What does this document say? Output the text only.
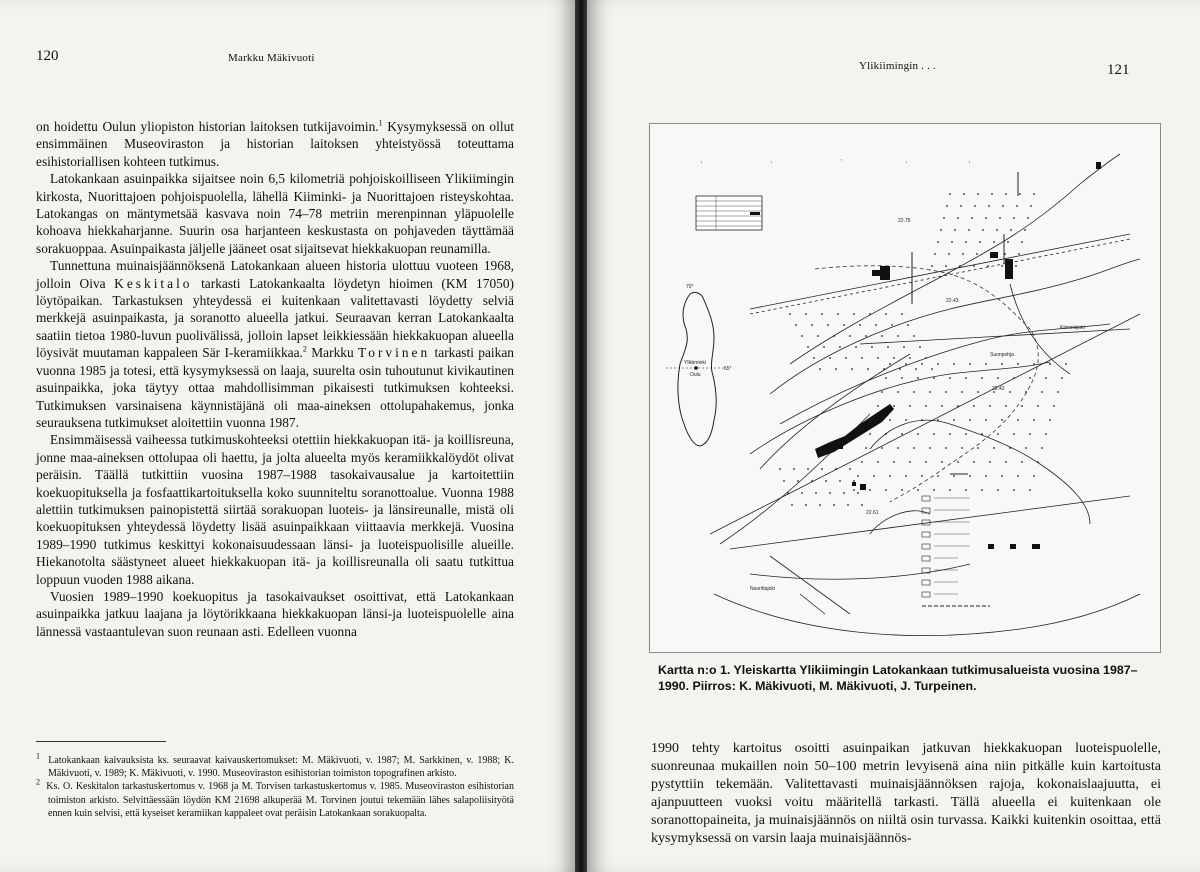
120	Markku Mäkivuoti

on hoidettu Oulun yliopiston historian laitoksen tutkijavoimin.$^1$ Kysymyksessä on ollut ensimmäinen Museoviraston ja historian laitoksen yhteistyössä toteuttama esihistoriallisen kohteen tutkimus.

Latokankaan asuinpaikka sijaitsee noin 6,5 kilometriä pohjoiskoilliseen Ylikiimingin kirkosta, Nuorittajoen pohjoispuolella, lähellä Kiiminki- ja Nuorittajoen risteyskohtaa. Latokangas on mäntymetsää kasvava noin 74–78 metriin merenpinnan yläpuolelle kohoava hiekkaharjanne. Suurin osa harjanteen keskustasta on pohjaveden täyttämää sorakuoppaa. Asuinpaikasta jäljelle jääneet osat sijaitsevat hiekkakuopan reunamilla.

Tunnettuna muinaisjäännöksenä Latokankaan alueen historia ulottuu vuoteen 1968, jolloin Oiva Keskitalo tarkasti Latokankaalta löydetyn hioimen (KM 17050) löytöpaikan. Tarkastuksen yhteydessä ei kuitenkaan valitettavasti löydetty selviä merkkejä asuinpaikasta, ja soranotto alueella jatkui. Seuraavan kerran Latokankaalta saatiin tietoa 1980-luvun puolivälissä, jolloin lapset leikkiessään hiekkakuopan alueella löysivät muutaman kappaleen Sär I-keramiikkaa.$^2$ Markku Torvinen tarkasti paikan vuonna 1985 ja totesi, että kysymyksessä on laaja, suurelta osin tuhoutunut kivikautinen asuinpaikka, joka täytyy ottaa mahdollisimman pikaisesti tutkimuksen kohteeksi. Tutkimuksen varsinaisena käynnistäjänä oli maa-aineksen ottolupahakemus, jonka seurauksena tutkimukset aloitettiin vuonna 1987.

Ensimmäisessä vaiheessa tutkimuskohteeksi otettiin hiekkakuopan itä- ja koillisreuna, jonne maa-aineksen ottolupaa oli haettu, ja jolta alueelta myös keramiikkalöydöt olivat peräisin. Täällä tutkittiin vuosina 1987–1988 tasokaivausalue ja kartoitettiin koekuopituksella ja fosfaattikartoituksella koko suunniteltu soranottoalue. Vuonna 1988 alettiin tutkimuksen painopistettä siirtää sorakuopan luoteis- ja länsireunalle, mistä oli koekuopituksen yhteydessä löydetty lisää asuinpaikkaan viittaavia merkkejä. Vuosina 1989–1990 tutkimus keskittyi kokonaisuudessaan länsi- ja luoteispuolisille alueille. Hiekanotolta säästyneet alueet hiekkakuopan itä- ja koillisreunalla oli saatu tutkittua loppuun vuoden 1988 aikana.

Vuosien 1989–1990 koekuopitus ja tasokaivaukset osoittivat, että Latokankaan asuinpaikka jatkuu laajana ja löytörikkaana hiekkakuopan länsi-ja luoteispuolelle aina lännessä vastaantulevan suon reunaan asti. Edelleen vuonna

$^1$ Latokankaan kaivauksista ks. seuraavat kaivauskertomukset: M. Mäkivuoti, v. 1987; M. Sarkkinen, v. 1988; K. Mäkivuoti, v. 1989; K. Mäkivuoti, v. 1990. Museoviraston esihistorian toimiston topografinen arkisto.

$^2$ Ks. O. Keskitalon tarkastuskertomus v. 1968 ja M. Torvisen tarkastuskertomus v. 1985. Museoviraston esihistorian toimiston arkisto. Selvittäessään löydön KM 21698 alkuperää M. Torvinen joutui tekemään lähes salapoliisityötä ennen kuin selvisi, että kyseiset keramiikan kappaleet ovat peräisin Latokankaan sorakuopalta.

Ylikiimingin . . .	121
Ylikiiminki
Oulu
65°
70°
↑	↑	↑	↑	↑
Suonpohja
22.75
22.43
22.42
22.61
Kiiminkijoki
Nuorittajoki
Kartta n:o 1. Yleiskartta Ylikiimingin Latokankaan tutkimusalueista vuosina 1987–1990. Piirros: K. Mäkivuoti, M. Mäkivuoti, J. Turpeinen.
1990 tehty kartoitus osoitti asuinpaikan jatkuvan hiekkakuopan luoteispuolelle, suonreunaa mukaillen noin 50–100 metrin levyisenä aina niin pitkälle kuin kartoitusta pystyttiin tekemään. Valitettavasti muinaisjäännöksen rajoja, kokonaislaajuutta, ei ajanpuutteen vuoksi voitu määritellä tarkasti. Tällä alueella ei kuitenkaan ole soranottopaineita, ja muinaisjäännös on niiltä osin turvassa. Kaikki kuitenkin osoittaa, että kysymyksessä on varsin laaja muinaisjäännös-
